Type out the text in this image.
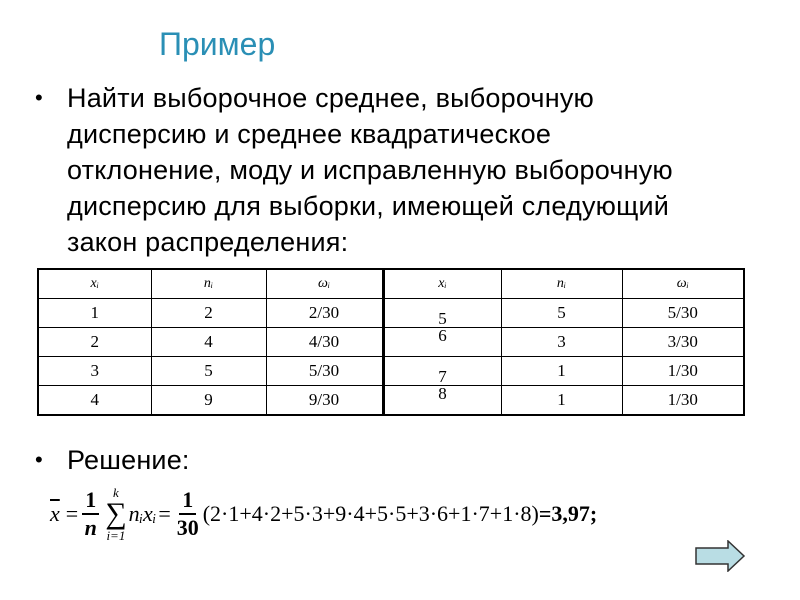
Пример
• Найти выборочное среднее, выборочную
дисперсию и среднее квадратическое
отклонение, моду и исправленную выборочную
дисперсию для выборки, имеющей следующий
закон распределения:
xᵢ	nᵢ	ωᵢ	xᵢ	nᵢ	ωᵢ
1	2	2/30	5	5	5/30
2	4	4/30	6	3	3/30
3	5	5/30	7	1	1/30
4	9	9/30	8	1	1/30
• Решение:
$\overline{x} = \frac{1}{n}$ k
∑
i=1
nᵢxᵢ = $\frac{1}{30} (2\cdot 1+4\cdot 2+5\cdot 3+9\cdot 4+5\cdot 5+3\cdot 6+1\cdot 7+1\cdot 8) =3,97$;
